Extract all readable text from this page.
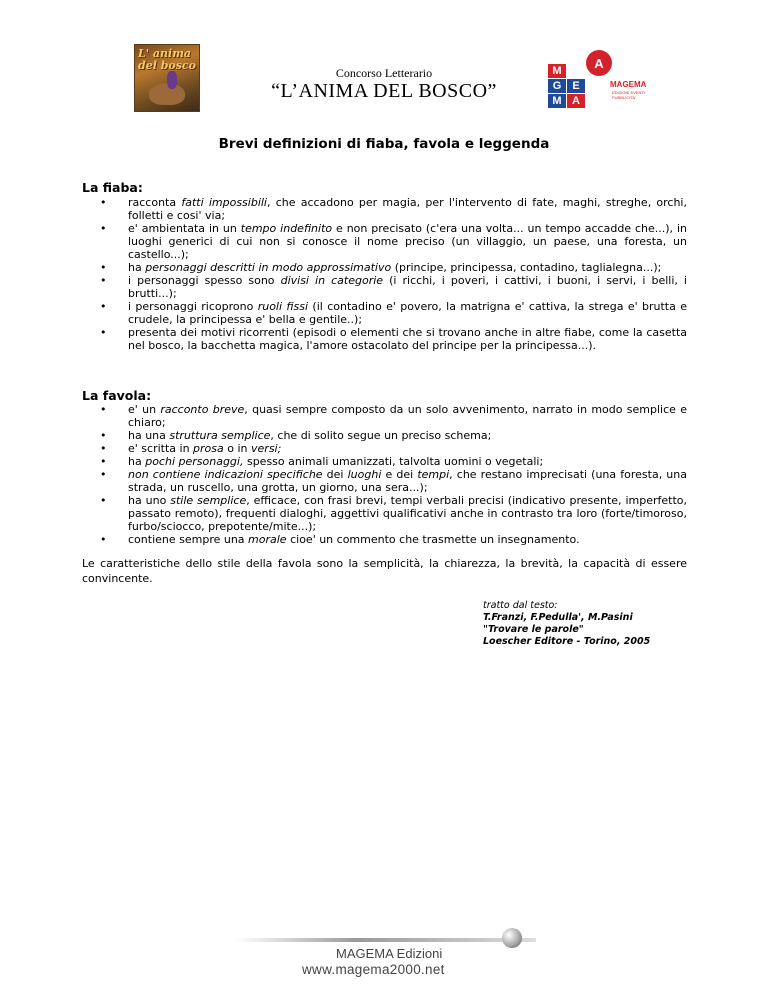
L' anima del bosco
Concorso Letterario
“L’ANIMA DEL BOSCO”
A
M
G	E
M A
MAGEMA
EDIZIONI EVENTI PUBBLICITA'
Brevi definizioni di fiaba, favola e leggenda
La fiaba:
• racconta fatti impossibili, che accadono per magia, per l'intervento di fate, maghi, streghe, orchi, folletti e cosi' via;
• e' ambientata in un tempo indefinito e non precisato (c'era una volta... un tempo accadde che...), in luoghi generici di cui non si conosce il nome preciso (un villaggio, un paese, una foresta, un castello...);
• ha personaggi descritti in modo approssimativo (principe, principessa, contadino, taglialegna...);
• i personaggi spesso sono divisi in categorie (i ricchi, i poveri, i cattivi, i buoni, i servi, i belli, i brutti...);
• i personaggi ricoprono ruoli fissi (il contadino e' povero, la matrigna e' cattiva, la strega e' brutta e crudele, la principessa e' bella e gentile..);
• presenta dei motivi ricorrenti (episodi o elementi che si trovano anche in altre fiabe, come la casetta nel bosco, la bacchetta magica, l'amore ostacolato del principe per la principessa...).
La favola:
• e' un racconto breve, quasi sempre composto da un solo avvenimento, narrato in modo semplice e chiaro;
• ha una struttura semplice, che di solito segue un preciso schema;
• e' scritta in prosa o in versi;
• ha pochi personaggi, spesso animali umanizzati, talvolta uomini o vegetali;
• non contiene indicazioni specifiche dei luoghi e dei tempi, che restano imprecisati (una foresta, una strada, un ruscello, una grotta, un giorno, una sera...);
• ha uno stile semplice, efficace, con frasi brevi, tempi verbali precisi (indicativo presente, imperfetto, passato remoto), frequenti dialoghi, aggettivi qualificativi anche in contrasto tra loro (forte/timoroso, furbo/sciocco, prepotente/mite...);
• contiene sempre una morale cioe' un commento che trasmette un insegnamento.
Le caratteristiche dello stile della favola sono la semplicità, la chiarezza, la brevità, la capacità di essere convincente.
tratto dal testo:
T.Franzi, F.Pedulla', M.Pasini
"Trovare le parole"
Loescher Editore - Torino, 2005
MAGEMA Edizioni
www.magema2000.net
